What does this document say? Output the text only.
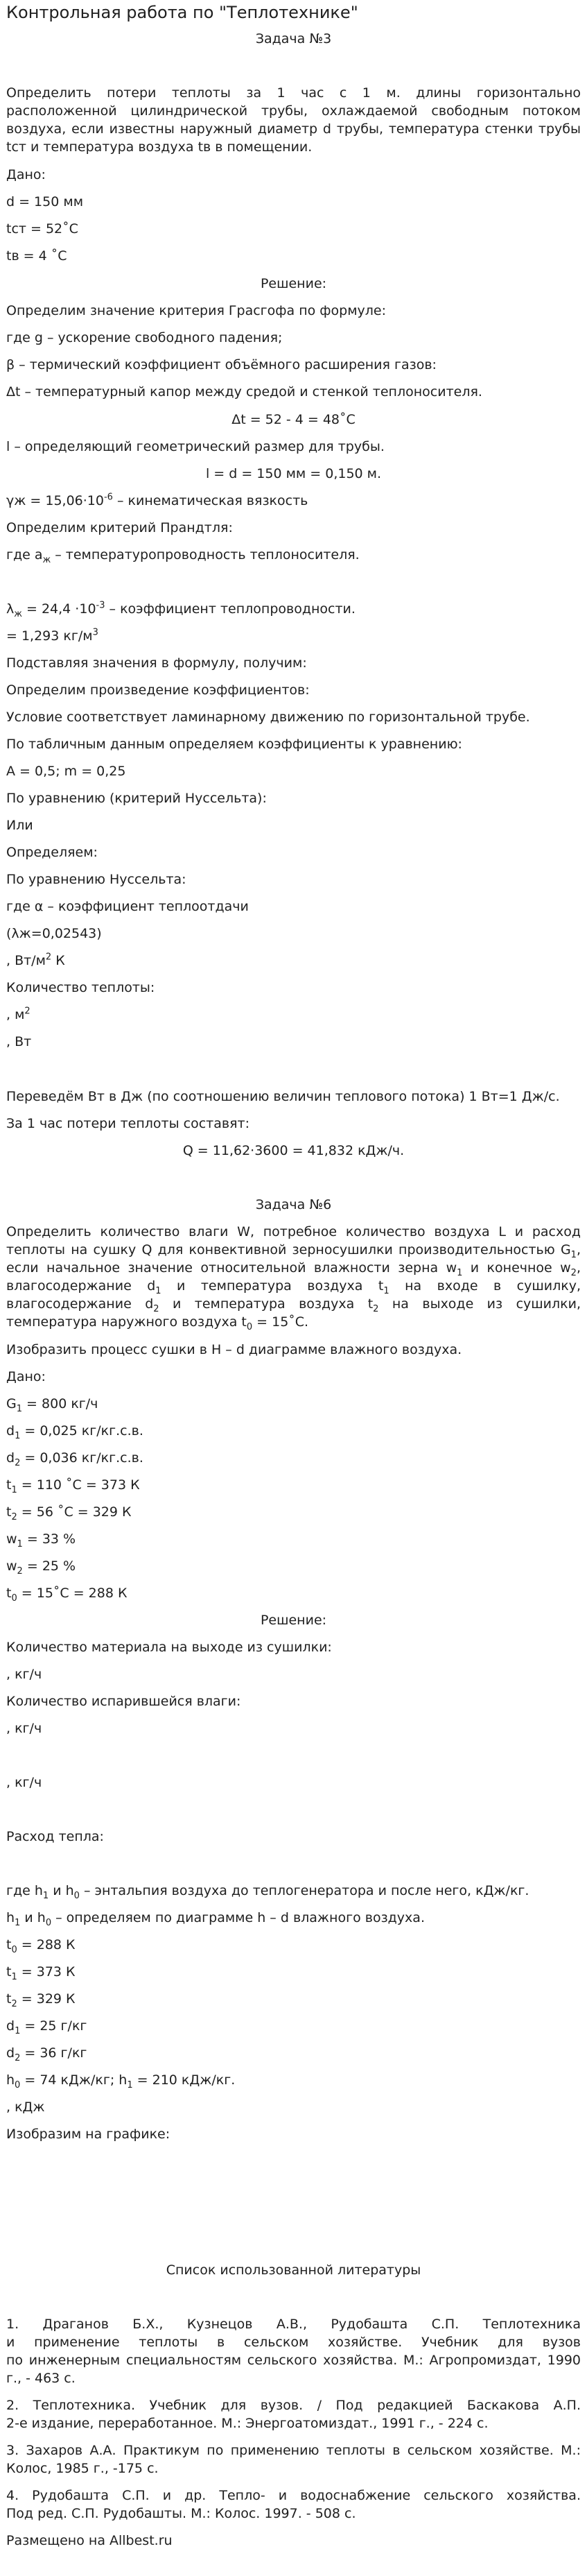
Контрольная работа по "Теплотехнике"
Задача №3
Определить потери теплоты за 1 час с 1 м. длины горизонтально
расположенной цилиндрической трубы, охлаждаемой свободным потоком
воздуха, если известны наружный диаметр d трубы, температура стенки трубы
tст и температура воздуха tв в помещении.
Дано:
d = 150 мм
tст = 52˚С
tв = 4 ˚С
Решение:
Определим значение критерия Грасгофа по формуле:
где g – ускорение свободного падения;
β – термический коэффициент объёмного расширения газов:
Δt – температурный капор между средой и стенкой теплоносителя.
Δt = 52 - 4 = 48˚С
l – определяющий геометрический размер для трубы.
l = d = 150 мм = 0,150 м.
$\gamma ж = 15,06\cdot 10^{-6}$ – кинематическая вязкость
Определим критерий Прандтля:
где $a_ж$ – температуропроводность теплоносителя.
$\lambda_ж = 24,4 \cdot 10^{-3}$ – коэффициент теплопроводности.
= 1,293 $кг/м^3$
Подставляя значения в формулу, получим:
Определим произведение коэффициентов:
Условие соответствует ламинарному движению по горизонтальной трубе.
По табличным данным определяем коэффициенты к уравнению:
А = 0,5; m = 0,25
По уравнению (критерий Нуссельта):
Или
Определяем:
По уравнению Нуссельта:
где α – коэффициент теплоотдачи
(λж=0,02543)
, $Вт/м^2$ К
Количество теплоты:
, $м^2$
, Вт
Переведём Вт в Дж (по соотношению величин теплового потока) 1 Вт=1 Дж/с.
За 1 час потери теплоты составят:
Q = 11,62·3600 = 41,832 кДж/ч.
Задача №6
Определить количество влаги W, потребное количество воздуха L и расход
теплоты на сушку Q для конвективной зерносушилки производительностью $G_1$,
если начальное значение относительной влажности зерна $w_1$ и конечное $w_2$,
влагосодержание $d_1$ и температура воздуха $t_1$ на входе в сушилку,
влагосодержание $d_2$ и температура воздуха $t_2$ на выходе из сушилки,
температура наружного воздуха $t_0$ = 15˚С.
Изобразить процесс сушки в Н – d диаграмме влажного воздуха.
Дано:
$G_1 = 800$ кг/ч
$d_1 = 0,025$ кг/кг.с.в.
$d_2 = 0,036$ кг/кг.с.в.
$t_1 = 110$ ˚С = 373 К
$t_2 = 56$ ˚С = 329 К
$w_1 = 33$ %
$w_2 = 25$ %
$t_0$ = 15˚С = 288 К
Решение:
Количество материала на выходе из сушилки:
, кг/ч
Количество испарившейся влаги:
, кг/ч
, кг/ч
Расход тепла:
где $h_1$ и $h_0$ – энтальпия воздуха до теплогенератора и после него, кДж/кг.
$h_1$ и $h_0$ – определяем по диаграмме h – d влажного воздуха.
$t_0 = 288$ К
$t_1 = 373$ К
$t_2 = 329$ К
$d_1 = 25$ г/кг
$d_2 = 36$ г/кг
$h_0 = 74$ кДж/кг; $h_1 = 210$ кДж/кг.
, кДж
Изобразим на графике:
Список использованной литературы
1. Драганов Б.Х., Кузнецов А.В., Рудобашта С.П. Теплотехника
и применение теплоты в сельском хозяйстве. Учебник для вузов
по инженерным специальностям сельского хозяйства. М.: Агропромиздат, 1990
г., - 463 с.
2. Теплотехника. Учебник для вузов. / Под редакцией Баскакова А.П.
2-е издание, переработанное. М.: Энергоатомиздат., 1991 г., - 224 с.
3. Захаров А.А. Практикум по применению теплоты в сельском хозяйстве. М.:
Колос, 1985 г., -175 с.
4. Рудобашта С.П. и др. Тепло- и водоснабжение сельского хозяйства.
Под ред. С.П. Рудобашты. М.: Колос. 1997. - 508 с.
Размещено на Allbest.ru
